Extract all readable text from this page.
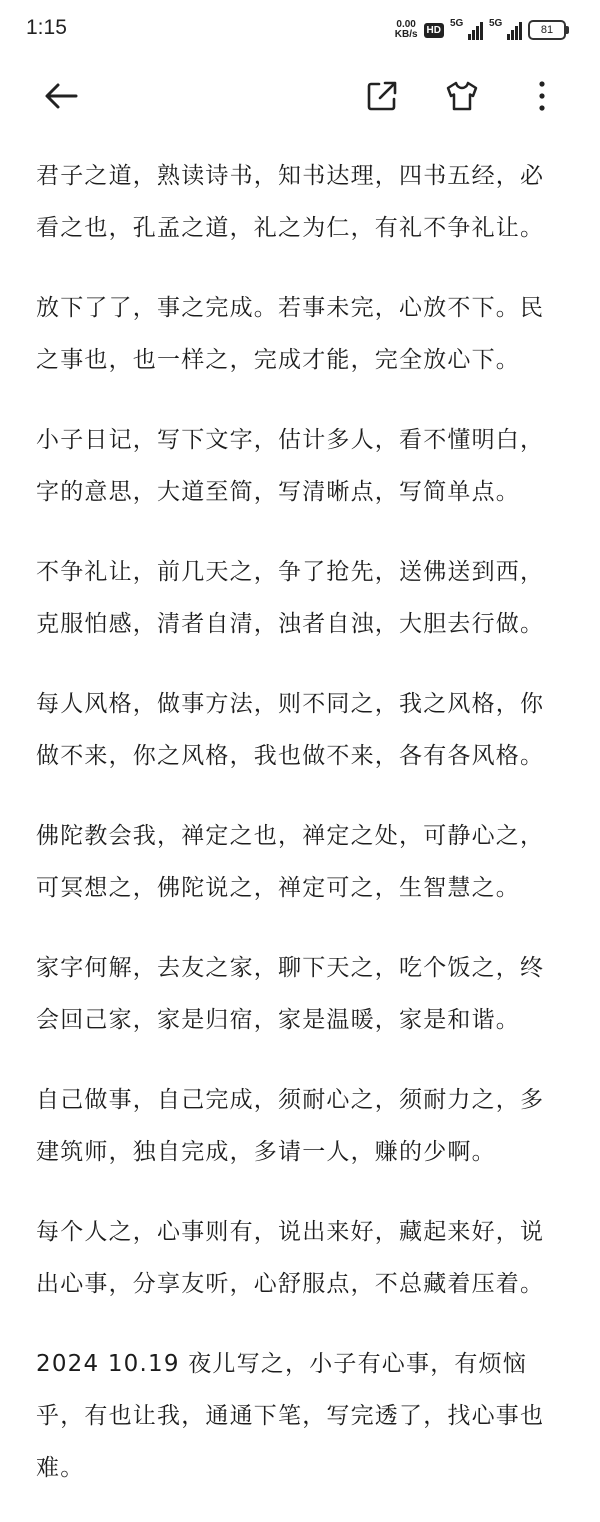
1:15	0.00
KB/s HD
5G	5G
81

君子之道，熟读诗书，知书达理，四书五经，必看之也，孔孟之道，礼之为仁，有礼不争礼让。

放下了了，事之完成。若事未完，心放不下。民之事也，也一样之，完成才能，完全放心下。

小子日记，写下文字，估计多人，看不懂明白，字的意思，大道至简，写清晰点，写简单点。

不争礼让，前几天之，争了抢先，送佛送到西，克服怕感，清者自清，浊者自浊，大胆去行做。

每人风格，做事方法，则不同之，我之风格，你做不来，你之风格，我也做不来，各有各风格。

佛陀教会我，禅定之也，禅定之处，可静心之，可冥想之，佛陀说之，禅定可之，生智慧之。

家字何解，去友之家，聊下天之，吃个饭之，终会回己家，家是归宿，家是温暖，家是和谐。

自己做事，自己完成，须耐心之，须耐力之，多建筑师，独自完成，多请一人，赚的少啊。

每个人之，心事则有，说出来好，藏起来好，说出心事，分享友听，心舒服点，不总藏着压着。

2024 10.19 夜儿写之，小子有心事，有烦恼乎，有也让我，通通下笔，写完透了，找心事也难。
